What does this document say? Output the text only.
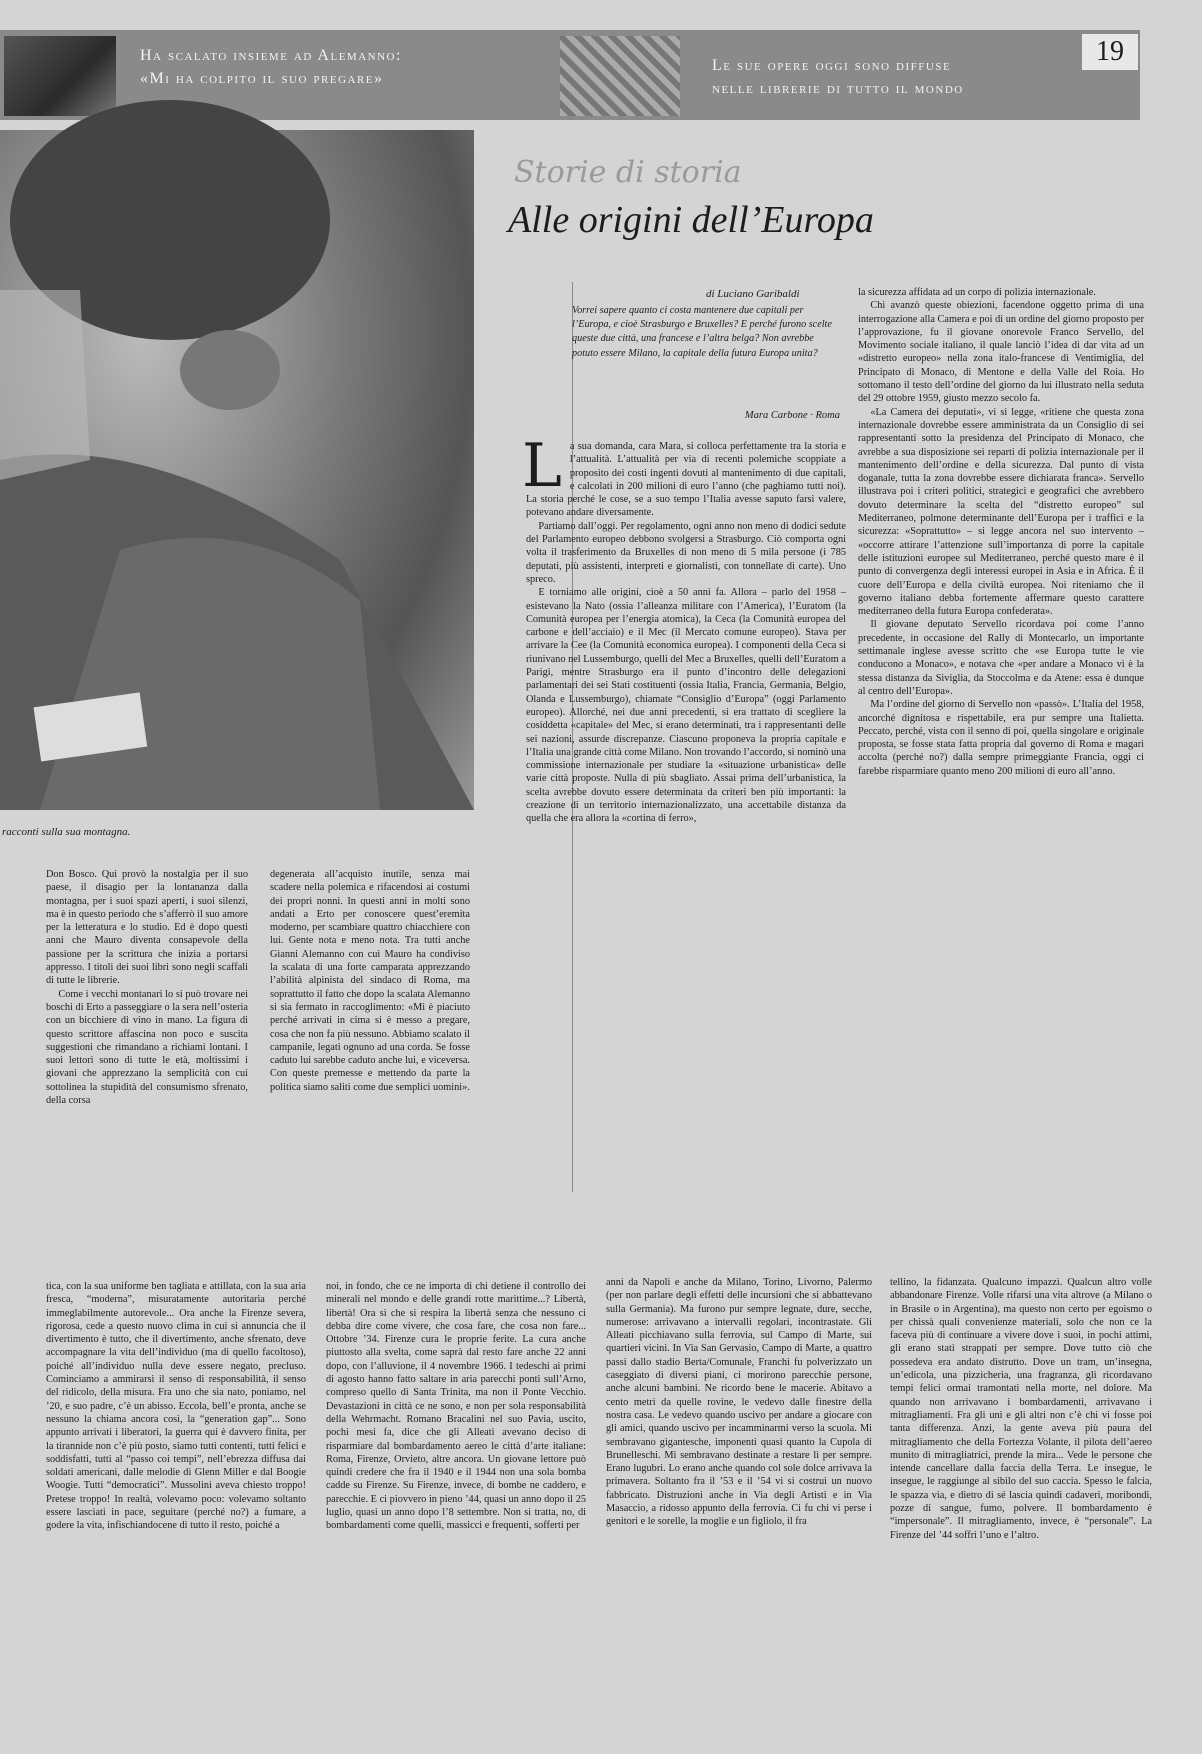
Ha scalato insieme ad Alemanno:
«Mi ha colpito il suo pregare»
Le sue opere oggi sono diffuse
nelle librerie di tutto il mondo
19
███
racconti sulla sua montagna.

Don Bosco. Qui provò la nostalgia per il suo paese, il disagio per la lontananza dalla montagna, per i suoi spazi aperti, i suoi silenzi, ma è in questo periodo che s’afferrò il suo amore per la letteratura e lo studio. Ed è dopo questi anni che Mauro diventa consapevole della passione per la scrittura che inizia a portarsi appresso. I titoli dei suoi libri sono negli scaffali di tutte le librerie.

Come i vecchi montanari lo si può trovare nei boschi di Erto a passeggiare o la sera nell’osteria con un bicchiere di vino in mano. La figura di questo scrittore affascina non poco e suscita suggestioni che rimandano a richiami lontani. I suoi lettori sono di tutte le età, moltissimi i giovani che apprezzano la semplicità con cui sottolinea la stupidità del consumismo sfrenato, della corsa

degenerata all’acquisto inutile, senza mai scadere nella polemica e rifacendosi ai costumi dei propri nonni. In questi anni in molti sono andati a Erto per conoscere quest’eremita moderno, per scambiare quattro chiacchiere con lui. Gente nota e meno nota. Tra tutti anche Gianni Alemanno con cui Mauro ha condiviso la scalata di una forte camparata apprezzando l’abilità alpinista del sindaco di Roma, ma soprattutto il fatto che dopo la scalata Alemanno si sia fermato in raccoglimento: «Mi è piaciuto perché arrivati in cima si è messo a pregare, cosa che non fa più nessuno. Abbiamo scalato il campanile, legati ognuno ad una corda. Se fosse caduto lui sarebbe caduto anche lui, e viceversa. Con queste premesse e mettendo da parte la politica siamo saliti come due semplici uomini».

Storie di storia
Alle origini dell’Europa
di Luciano Garibaldi

Vorrei sapere quanto ci costa mantenere due capitali per l’Europa, e cioè Strasburgo e Bruxelles? E perché furono scelte queste due città, una francese e l’altra belga? Non avrebbe potuto essere Milano, la capitale della futura Europa unita?

Mara Carbone · Roma

La sua domanda, cara Mara, si colloca perfettamente tra la storia e l’attualità. L’attualità per via di recenti polemiche scoppiate a proposito dei costi ingenti dovuti al mantenimento di due capitali, e calcolati in 200 milioni di euro l’anno (che paghiamo tutti noi). La storia perché le cose, se a suo tempo l’Italia avesse saputo farsi valere, potevano andare diversamente.

Partiamo dall’oggi. Per regolamento, ogni anno non meno di dodici sedute del Parlamento europeo debbono svolgersi a Strasburgo. Ciò comporta ogni volta il trasferimento da Bruxelles di non meno di 5 mila persone (i 785 deputati, più assistenti, interpreti e giornalisti, con tonnellate di carte). Uno spreco.

E torniamo alle origini, cioè a 50 anni fa. Allora – parlo del 1958 – esistevano la Nato (ossia l’alleanza militare con l’America), l’Euratom (la Comunità europea per l’energia atomica), la Ceca (la Comunità europea del carbone e dell’acciaio) e il Mec (il Mercato comune europeo). Stava per arrivare la Cee (la Comunità economica europea). I componenti della Ceca si riunivano nel Lussemburgo, quelli del Mec a Bruxelles, quelli dell’Euratom a Parigi, mentre Strasburgo era il punto d’incontro delle delegazioni parlamentari dei sei Stati costituenti (ossia Italia, Francia, Germania, Belgio, Olanda e Lussemburgo), chiamate “Consiglio d’Europa” (oggi Parlamento europeo). Allorché, nei due anni precedenti, si era trattato di scegliere la cosiddetta «capitale» del Mec, si erano determinati, tra i rappresentanti delle sei nazioni, assurde discrepanze. Ciascuno proponeva la propria capitale e l’Italia una grande città come Milano. Non trovando l’accordo, si nominò una commissione internazionale per studiare la «situazione urbanistica» delle varie città proposte. Nulla di più sbagliato. Assai prima dell’urbanistica, la scelta avrebbe dovuto essere determinata da criteri ben più importanti: la creazione di un territorio internazionalizzato, una accettabile distanza da quella che era allora la «cortina di ferro»,

la sicurezza affidata ad un corpo di polizia internazionale.

Chi avanzò queste obiezioni, facendone oggetto prima di una interrogazione alla Camera e poi di un ordine del giorno proposto per l’approvazione, fu il giovane onorevole Franco Servello, del Movimento sociale italiano, il quale lanciò l’idea di dar vita ad un «distretto europeo» nella zona italo-francese di Ventimiglia, del Principato di Monaco, di Mentone e della Valle del Roia. Ho sottomano il testo dell’ordine del giorno da lui illustrato nella seduta del 29 ottobre 1959, giusto mezzo secolo fa.

«La Camera dei deputati», vi si legge, «ritiene che questa zona internazionale dovrebbe essere amministrata da un Consiglio di sei rappresentanti sotto la presidenza del Principato di Monaco, che avrebbe a sua disposizione sei reparti di polizia internazionale per il mantenimento dell’ordine e della sicurezza. Dal punto di vista doganale, tutta la zona dovrebbe essere dichiarata franca». Servello illustrava poi i criteri politici, strategici e geografici che avrebbero dovuto determinare la scelta del “distretto europeo” sul Mediterraneo, polmone determinante dell’Europa per i traffici e la sicurezza: «Soprattutto» – si legge ancora nel suo intervento – «occorre attirare l’attenzione sull’importanza di porre la capitale delle istituzioni europee sul Mediterraneo, perché questo mare è il punto di convergenza degli interessi europei in Asia e in Africa. È il cuore dell’Europa e della civiltà europea. Noi riteniamo che il governo italiano debba fortemente affermare questo carattere mediterraneo della futura Europa confederata».

Il giovane deputato Servello ricordava poi come l’anno precedente, in occasione del Rally di Montecarlo, un importante settimanale inglese avesse scritto che «se Europa tutte le vie conducono a Monaco», e notava che «per andare a Monaco vi è la stessa distanza da Siviglia, da Stoccolma e da Atene: essa è dunque al centro dell’Europa».

Ma l’ordine del giorno di Servello non «passò». L’Italia del 1958, ancorché dignitosa e rispettabile, era pur sempre una Italietta. Peccato, perché, vista con il senno di poi, quella singolare e originale proposta, se fosse stata fatta propria dal governo di Roma e magari accolta (perché no?) dalla sempre primeggiante Francia, oggi ci farebbe risparmiare quanto meno 200 milioni di euro all’anno.

tica, con la sua uniforme ben tagliata e attillata, con la sua aria fresca, “moderna”, misuratamente autoritaria perché immeglabilmente autorevole... Ora anche la Firenze severa, rigorosa, cede a questo nuovo clima in cui si annuncia che il divertimento è tutto, che il divertimento, anche sfrenato, deve accompagnare la vita dell’individuo (ma di quello facoltoso), poiché all’individuo nulla deve essere negato, precluso. Cominciamo a ammirarsi il senso di responsabilità, il senso del ridicolo, della misura. Fra uno che sia nato, poniamo, nel ’20, e suo padre, c’è un abisso. Eccola, bell’e pronta, anche se nessuno la chiama ancora così, la “generation gap”... Sono appunto arrivati i liberatori, la guerra qui è davvero finita, per la tirannide non c’è più posto, siamo tutti contenti, tutti felici e soddisfatti, tutti al “passo coi tempi”, nell’ebrezza diffusa dai soldati americani, dalle melodie di Glenn Miller e dal Boogie Woogie. Tutti “democratici”. Mussolini aveva chiesto troppo! Pretese troppo! In realtà, volevamo poco: volevamo soltanto essere lasciati in pace, seguitare (perché no?) a fumare, a godere la vita, infischiandocene di tutto il resto, poiché a

noi, in fondo, che ce ne importa di chi detiene il controllo dei minerali nel mondo e delle grandi rotte marittime...? Libertà, libertà! Ora sì che si respira la libertà senza che nessuno ci debba dire come vivere, che cosa fare, che cosa non fare... Ottobre ’34. Firenze cura le proprie ferite. La cura anche piuttosto alla svelta, come saprà dal resto fare anche 22 anni dopo, con l’alluvione, il 4 novembre 1966. I tedeschi ai primi di agosto hanno fatto saltare in aria parecchi ponti sull’Arno, compreso quello di Santa Trinita, ma non il Ponte Vecchio. Devastazioni in città ce ne sono, e non per sola responsabilità della Wehrmacht. Romano Bracalini nel suo Pavia, uscito, pochi mesi fa, dice che gli Alleati avevano deciso di risparmiare dal bombardamento aereo le città d’arte italiane: Roma, Firenze, Orvieto, altre ancora. Un giovane lettore può quindi credere che fra il 1940 e il 1944 non una sola bomba cadde su Firenze. Su Firenze, invece, di bombe ne caddero, e parecchie. E ci piovvero in pieno ’44, quasi un anno dopo il 25 luglio, quasi un anno dopo l’8 settembre. Non si tratta, no, di bombardamenti come quelli, massicci e frequenti, sofferti per

anni da Napoli e anche da Milano, Torino, Livorno, Palermo (per non parlare degli effetti delle incursioni che si abbattevano sulla Germania). Ma furono pur sempre legnate, dure, secche, numerose: arrivavano a intervalli regolari, incontrastate. Gli Alleati picchiavano sulla ferrovia, sul Campo di Marte, sui quartieri vicini. In Via San Gervasio, Campo di Marte, a quattro passi dallo stadio Berta/Comunale, Franchi fu polverizzato un caseggiato di diversi piani, ci morirono parecchie persone, anche alcuni bambini. Ne ricordo bene le macerie. Abitavo a cento metri da quelle rovine, le vedevo dalle finestre della nostra casa. Le vedevo quando uscivo per andare a giocare con gli amici, quando uscivo per incamminarmi verso la scuola. Mi sembravano gigantesche, imponenti quasi quanto la Cupola di Brunelleschi. Mi sembravano destinate a restare lì per sempre. Erano lugubri. Lo erano anche quando col sole dolce arrivava la primavera. Soltanto fra il ’53 e il ’54 vi si costruì un nuovo fabbricato. Distruzioni anche in Via degli Artisti e in Via Masaccio, a ridosso appunto della ferrovia. Ci fu chi vi perse i genitori e le sorelle, la moglie e un figliolo, il fra

tellino, la fidanzata. Qualcuno impazzì. Qualcun altro volle abbandonare Firenze. Volle rifarsi una vita altrove (a Milano o in Brasile o in Argentina), ma questo non certo per egoismo o per chissà quali convenienze materiali, solo che non ce la faceva più di continuare a vivere dove i suoi, in pochi attimi, gli erano stati strappati per sempre. Dove tutto ciò che possedeva era andato distrutto. Dove un tram, un’insegna, un’edicola, una pizzicheria, una fragranza, gli ricordavano tempi felici ormai tramontati nella morte, nel dolore. Ma quando non arrivavano i bombardamenti, arrivavano i mitragliamenti. Fra gli uni e gli altri non c’è chi vi fosse poi tanta differenza. Anzi, la gente aveva più paura del mitragliamento che della Fortezza Volante, il pilota dell’aereo munito di mitragliatrici, prende la mira... Vede le persone che intende cancellare dalla faccia della Terra. Le insegue, le insegue, le raggiunge al sibilo del suo caccia. Spesso le falcia, le spazza via, e dietro di sé lascia quindi cadaveri, moribondi, pozze di sangue, fumo, polvere. Il bombardamento è “impersonale”. Il mitragliamento, invece, è “personale”. La Firenze del ’44 soffrì l’uno e l’altro.
